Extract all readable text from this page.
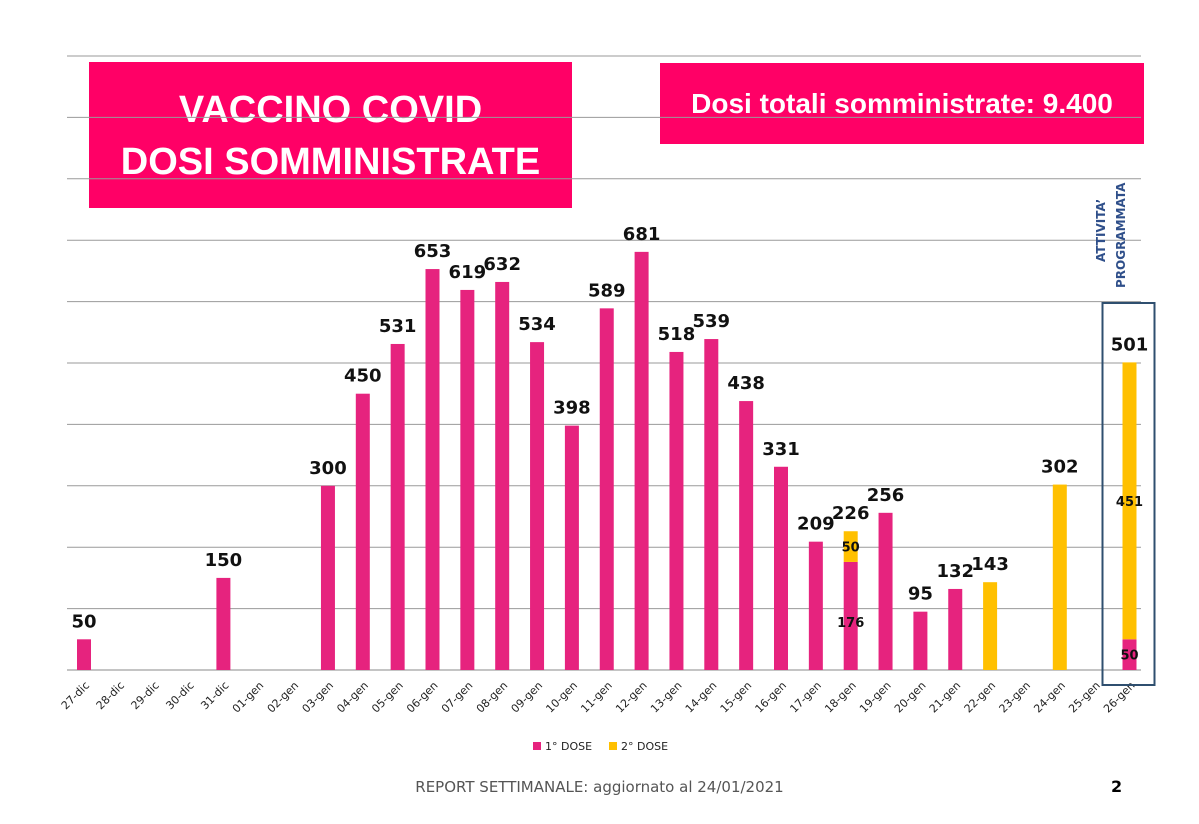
VACCINO COVID
DOSI SOMMINISTRATE
Dosi totali somministrate: 9.400
50
150
300
450
531
653
619
632
534
398
589
681
518
539
438
331
209
226
256
95
132
143
302
501
50
176
451
50
27-dic 28-dic 29-dic 30-dic 31-dic
01-gen
02-gen
03-gen
04-gen
05-gen
06-gen
07-gen
08-gen
09-gen
10-gen
11-gen
12-gen
13-gen
14-gen
15-gen
16-gen
17-gen
18-gen
19-gen
20-gen
21-gen
22-gen
23-gen
24-gen
25-gen
26-gen
ATTIVITA’ PROGRAMMATA
1° DOSE	2° DOSE
REPORT SETTIMANALE: aggiornato al 24/01/2021	2
